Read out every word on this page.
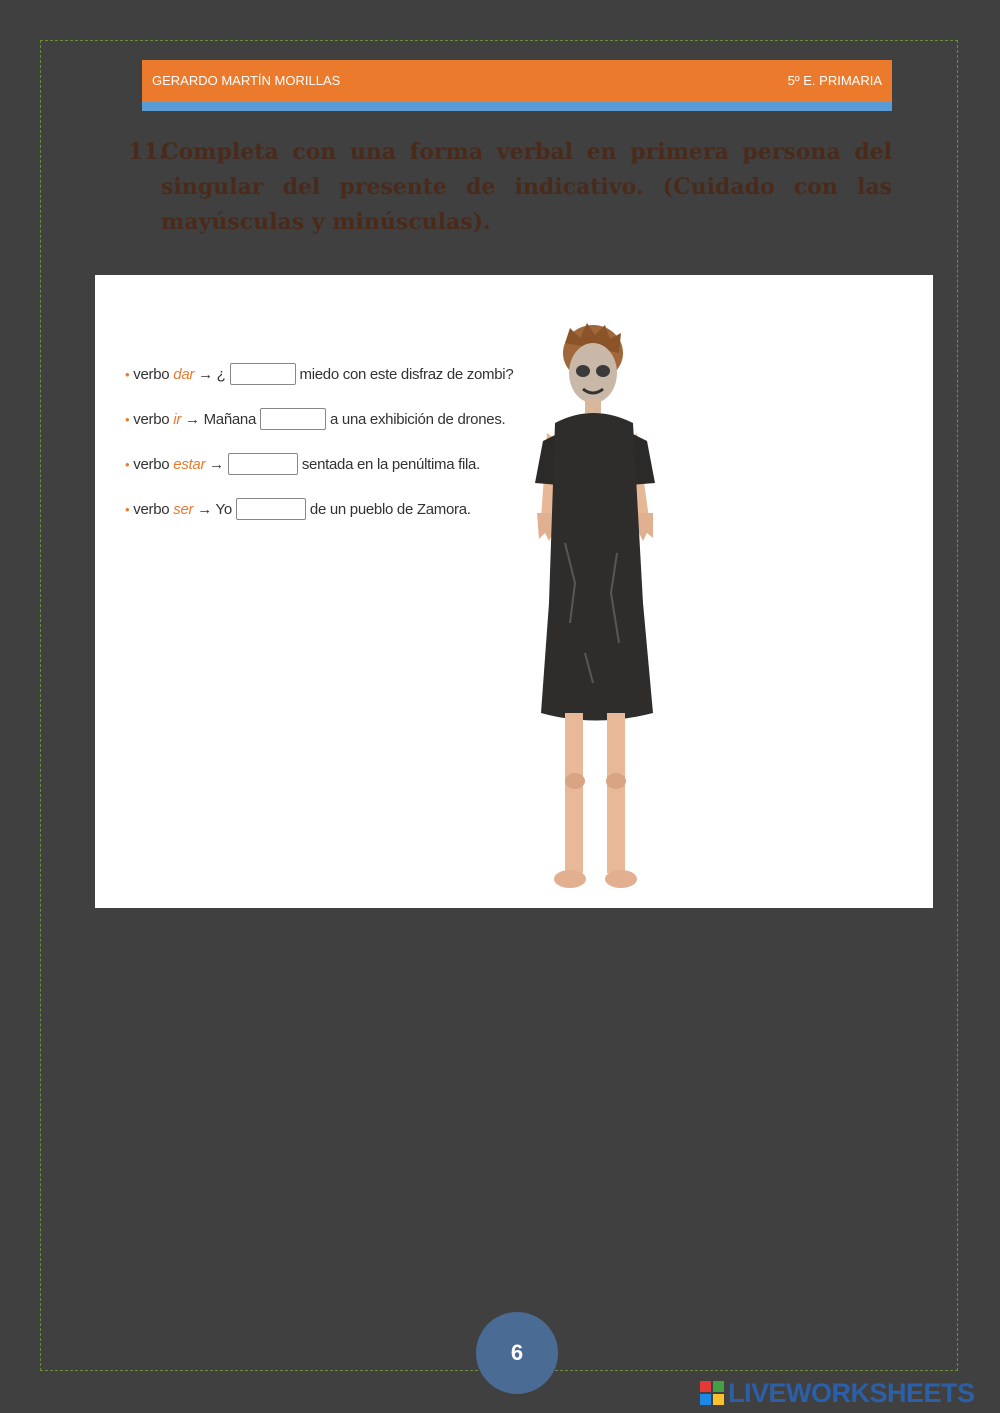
GERARDO MARTÍN MORILLAS	5º E. PRIMARIA
11.
Completa con una forma verbal en primera persona del singular del presente de indicativo. (Cuidado con las mayúsculas y minúsculas).
• verbo dar → ¿	miedo con este disfraz de zombi?
• verbo ir → Mañana	a una exhibición de drones.
• verbo estar →	sentada en la penúltima fila.
• verbo ser → Yo	de un pueblo de Zamora.
6
LIVEWORKSHEETS
